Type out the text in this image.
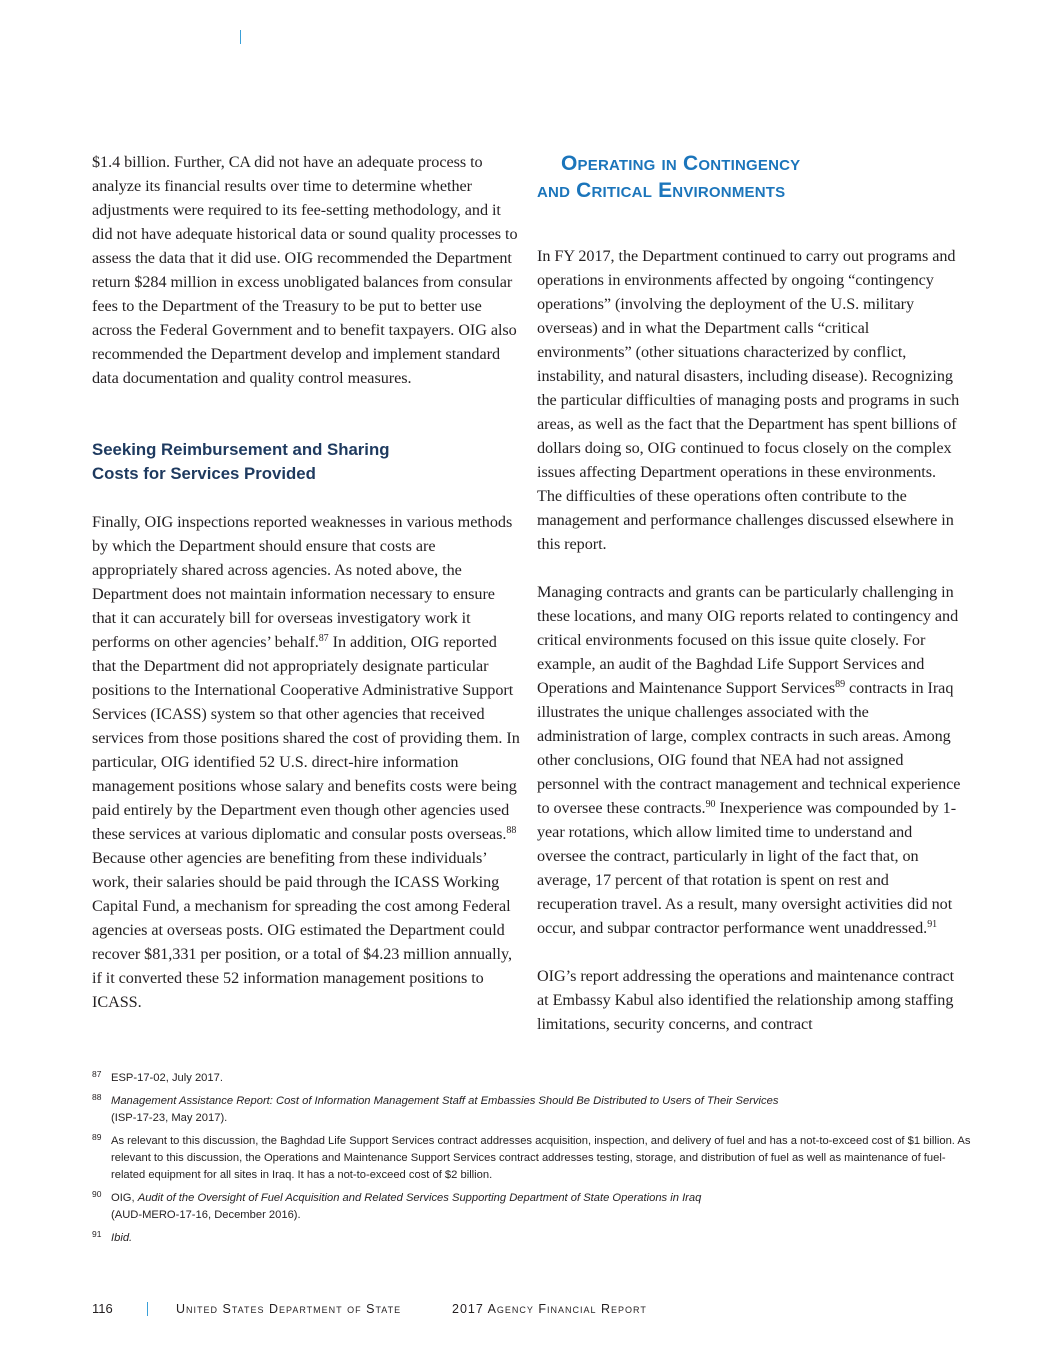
$1.4 billion. Further, CA did not have an adequate process to analyze its financial results over time to determine whether adjustments were required to its fee-setting methodology, and it did not have adequate historical data or sound quality processes to assess the data that it did use. OIG recommended the Department return $284 million in excess unobligated balances from consular fees to the Department of the Treasury to be put to better use across the Federal Government and to benefit taxpayers. OIG also recommended the Department develop and implement standard data documentation and quality control measures.

Seeking Reimbursement and Sharing
Costs for Services Provided

Finally, OIG inspections reported weaknesses in various methods by which the Department should ensure that costs are appropriately shared across agencies. As noted above, the Department does not maintain information necessary to ensure that it can accurately bill for overseas investigatory work it performs on other agencies’ behalf.$^{87}$ In addition, OIG reported that the Department did not appropriately designate particular positions to the International Cooperative Administrative Support Services (ICASS) system so that other agencies that received services from those positions shared the cost of providing them. In particular, OIG identified 52 U.S. direct-hire information management positions whose salary and benefits costs were being paid entirely by the Department even though other agencies used these services at various diplomatic and consular posts overseas.$^{88}$ Because other agencies are benefiting from these individuals’ work, their salaries should be paid through the ICASS Working Capital Fund, a mechanism for spreading the cost among Federal agencies at overseas posts. OIG estimated the Department could recover $81,331 per position, or a total of $4.23 million annually, if it converted these 52 information management positions to ICASS.

Operating in Contingency
and Critical Environments

In FY 2017, the Department continued to carry out programs and operations in environments affected by ongoing “contingency operations” (involving the deployment of the U.S. military overseas) and in what the Department calls “critical environments” (other situations characterized by conflict, instability, and natural disasters, including disease). Recognizing the particular difficulties of managing posts and programs in such areas, as well as the fact that the Department has spent billions of dollars doing so, OIG continued to focus closely on the complex issues affecting Department operations in these environments. The difficulties of these operations often contribute to the management and performance challenges discussed elsewhere in this report.

Managing contracts and grants can be particularly challenging in these locations, and many OIG reports related to contingency and critical environments focused on this issue quite closely. For example, an audit of the Baghdad Life Support Services and Operations and Maintenance Support Services$^{89}$ contracts in Iraq illustrates the unique challenges associated with the administration of large, complex contracts in such areas. Among other conclusions, OIG found that NEA had not assigned personnel with the contract management and technical experience to oversee these contracts.$^{90}$ Inexperience was compounded by 1-year rotations, which allow limited time to understand and oversee the contract, particularly in light of the fact that, on average, 17 percent of that rotation is spent on rest and recuperation travel. As a result, many oversight activities did not occur, and subpar contractor performance went unaddressed.$^{91}$

OIG’s report addressing the operations and maintenance contract at Embassy Kabul also identified the relationship among staffing limitations, security concerns, and contract

87 ESP-17-02, July 2017.
88 Management Assistance Report: Cost of Information Management Staff at Embassies Should Be Distributed to Users of Their Services
(ISP-17-23, May 2017).
89 As relevant to this discussion, the Baghdad Life Support Services contract addresses acquisition, inspection, and delivery of fuel and has a not-to-exceed cost of $1 billion. As relevant to this discussion, the Operations and Maintenance Support Services contract addresses testing, storage, and distribution of fuel as well as maintenance of fuel-related equipment for all sites in Iraq. It has a not-to-exceed cost of $2 billion.
90 OIG, Audit of the Oversight of Fuel Acquisition and Related Services Supporting Department of State Operations in Iraq
(AUD-MERO-17-16, December 2016).
91 Ibid.
116	United States Department of State	2017 Agency Financial Report
